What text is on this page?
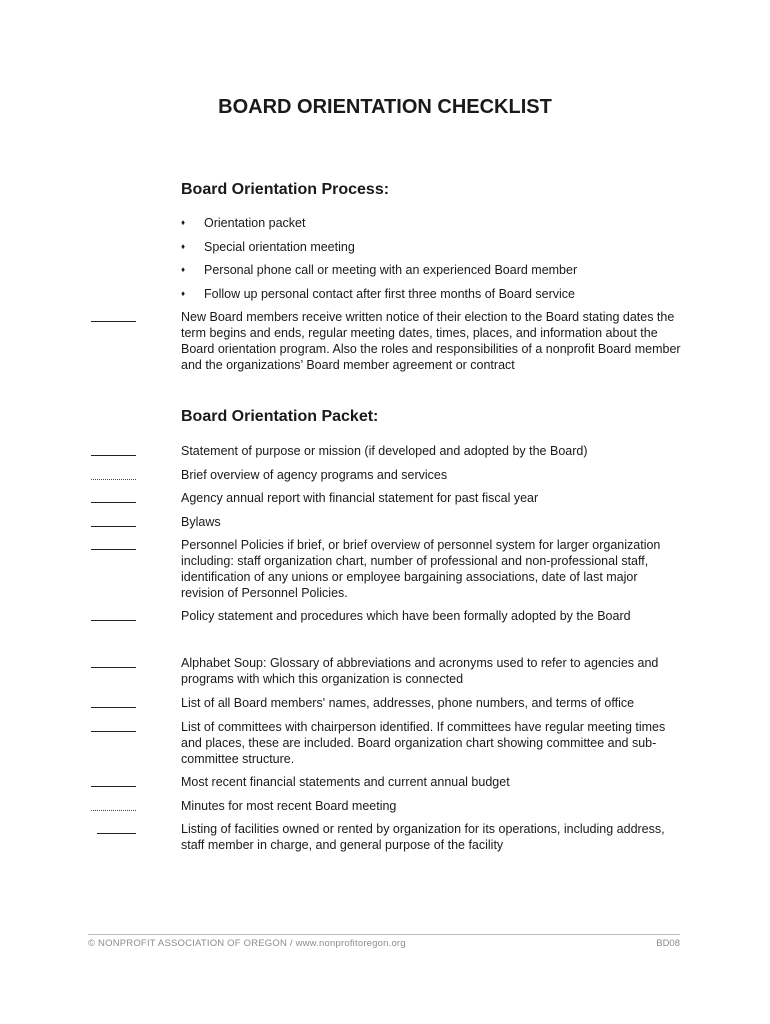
BOARD ORIENTATION CHECKLIST
Board Orientation Process:
♦ Orientation packet
♦ Special orientation meeting
♦ Personal phone call or meeting with an experienced Board member
♦ Follow up personal contact after first three months of Board service
New Board members receive written notice of their election to the Board stating dates the term begins and ends, regular meeting dates, times, places, and information about the Board orientation program. Also the roles and responsibilities of a nonprofit Board member and the organizations’ Board member agreement or contract
Board Orientation Packet:
Statement of purpose or mission (if developed and adopted by the Board)
Brief overview of agency programs and services
Agency annual report with financial statement for past fiscal year
Bylaws
Personnel Policies if brief, or brief overview of personnel system for larger organization including: staff organization chart, number of professional and non-professional staff, identification of any unions or employee bargaining associations, date of last major revision of Personnel Policies.
Policy statement and procedures which have been formally adopted by the Board
Alphabet Soup: Glossary of abbreviations and acronyms used to refer to agencies and programs with which this organization is connected
List of all Board members' names, addresses, phone numbers, and terms of office
List of committees with chairperson identified. If committees have regular meeting times and places, these are included. Board organization chart showing committee and sub-committee structure.
Most recent financial statements and current annual budget
Minutes for most recent Board meeting
Listing of facilities owned or rented by organization for its operations, including address, staff member in charge, and general purpose of the facility
© NONPROFIT ASSOCIATION OF OREGON / www.nonprofitoregon.org	BD08
